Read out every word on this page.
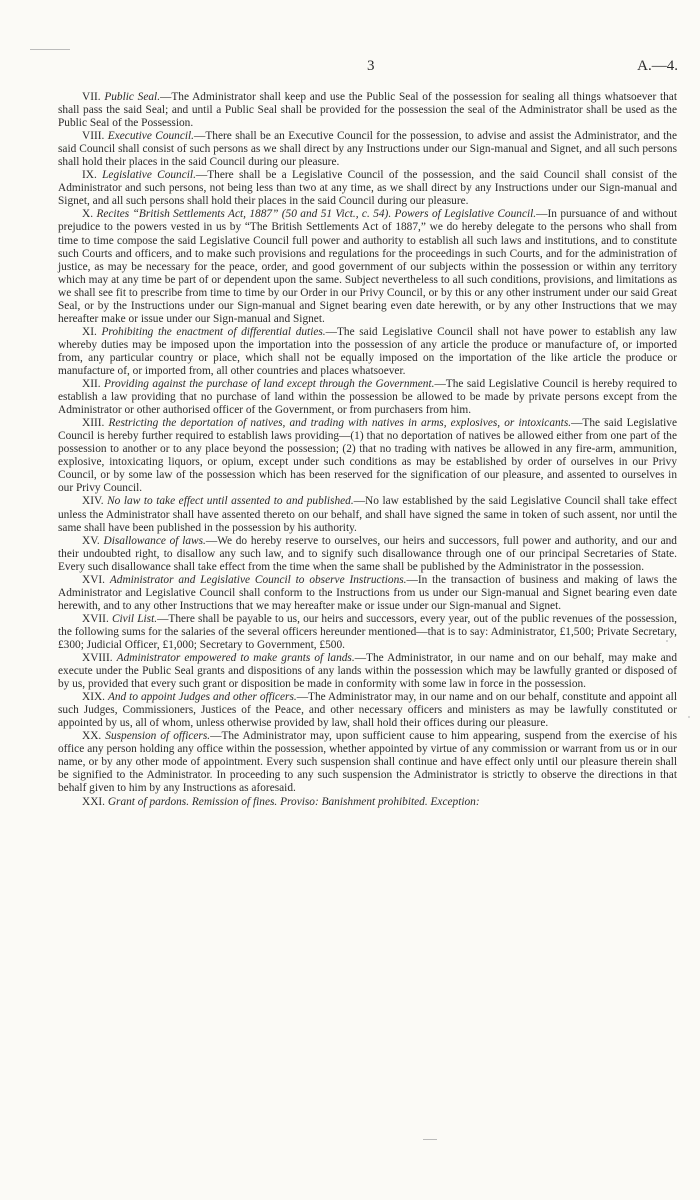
3	A.—4.

VII. Public Seal.—The Administrator shall keep and use the Public Seal of the possession for sealing all things whatsoever that shall pass the said Seal; and until a Public Seal shall be provided for the possession the seal of the Administrator shall be used as the Public Seal of the Possession.

VIII. Executive Council.—There shall be an Executive Council for the possession, to advise and assist the Administrator, and the said Council shall consist of such persons as we shall direct by any Instructions under our Sign-manual and Signet, and all such persons shall hold their places in the said Council during our pleasure.

IX. Legislative Council.—There shall be a Legislative Council of the possession, and the said Council shall consist of the Administrator and such persons, not being less than two at any time, as we shall direct by any Instructions under our Sign-manual and Signet, and all such persons shall hold their places in the said Council during our pleasure.

X. Recites “British Settlements Act, 1887” (50 and 51 Vict., c. 54). Powers of Legislative Council.—In pursuance of and without prejudice to the powers vested in us by “The British Settlements Act of 1887,” we do hereby delegate to the persons who shall from time to time compose the said Legislative Council full power and authority to establish all such laws and institutions, and to constitute such Courts and officers, and to make such provisions and regulations for the proceedings in such Courts, and for the administration of justice, as may be necessary for the peace, order, and good government of our subjects within the possession or within any territory which may at any time be part of or dependent upon the same. Subject nevertheless to all such conditions, provisions, and limitations as we shall see fit to prescribe from time to time by our Order in our Privy Council, or by this or any other instrument under our said Great Seal, or by the Instructions under our Sign-manual and Signet bearing even date herewith, or by any other Instructions that we may hereafter make or issue under our Sign-manual and Signet.

XI. Prohibiting the enactment of differential duties.—The said Legislative Council shall not have power to establish any law whereby duties may be imposed upon the importation into the possession of any article the produce or manufacture of, or imported from, any particular country or place, which shall not be equally imposed on the importation of the like article the produce or manufacture of, or imported from, all other countries and places whatsoever.

XII. Providing against the purchase of land except through the Government.—The said Legislative Council is hereby required to establish a law providing that no purchase of land within the possession be allowed to be made by private persons except from the Administrator or other authorised officer of the Government, or from purchasers from him.

XIII. Restricting the deportation of natives, and trading with natives in arms, explosives, or intoxicants.—The said Legislative Council is hereby further required to establish laws providing—(1) that no deportation of natives be allowed either from one part of the possession to another or to any place beyond the possession; (2) that no trading with natives be allowed in any fire-arm, ammunition, explosive, intoxicating liquors, or opium, except under such conditions as may be established by order of ourselves in our Privy Council, or by some law of the possession which has been reserved for the signification of our pleasure, and assented to ourselves in our Privy Council.

XIV. No law to take effect until assented to and published.—No law established by the said Legislative Council shall take effect unless the Administrator shall have assented thereto on our behalf, and shall have signed the same in token of such assent, nor until the same shall have been published in the possession by his authority.

XV. Disallowance of laws.—We do hereby reserve to ourselves, our heirs and successors, full power and authority, and our and their undoubted right, to disallow any such law, and to signify such disallowance through one of our principal Secretaries of State. Every such disallowance shall take effect from the time when the same shall be published by the Administrator in the possession.

XVI. Administrator and Legislative Council to observe Instructions.—In the transaction of business and making of laws the Administrator and Legislative Council shall conform to the Instructions from us under our Sign-manual and Signet bearing even date herewith, and to any other Instructions that we may hereafter make or issue under our Sign-manual and Signet.

XVII. Civil List.—There shall be payable to us, our heirs and successors, every year, out of the public revenues of the possession, the following sums for the salaries of the several officers hereunder mentioned—that is to say: Administrator, £1,500; Private Secretary, £300; Judicial Officer, £1,000; Secretary to Government, £500.

XVIII. Administrator empowered to make grants of lands.—The Administrator, in our name and on our behalf, may make and execute under the Public Seal grants and dispositions of any lands within the possession which may be lawfully granted or disposed of by us, provided that every such grant or disposition be made in conformity with some law in force in the possession.

XIX. And to appoint Judges and other officers.—The Administrator may, in our name and on our behalf, constitute and appoint all such Judges, Commissioners, Justices of the Peace, and other necessary officers and ministers as may be lawfully constituted or appointed by us, all of whom, unless otherwise provided by law, shall hold their offices during our pleasure.

XX. Suspension of officers.—The Administrator may, upon sufficient cause to him appearing, suspend from the exercise of his office any person holding any office within the possession, whether appointed by virtue of any commission or warrant from us or in our name, or by any other mode of appointment. Every such suspension shall continue and have effect only until our pleasure therein shall be signified to the Administrator. In proceeding to any such suspension the Administrator is strictly to observe the directions in that behalf given to him by any Instructions as aforesaid.

XXI. Grant of pardons. Remission of fines. Proviso: Banishment prohibited. Exception:
